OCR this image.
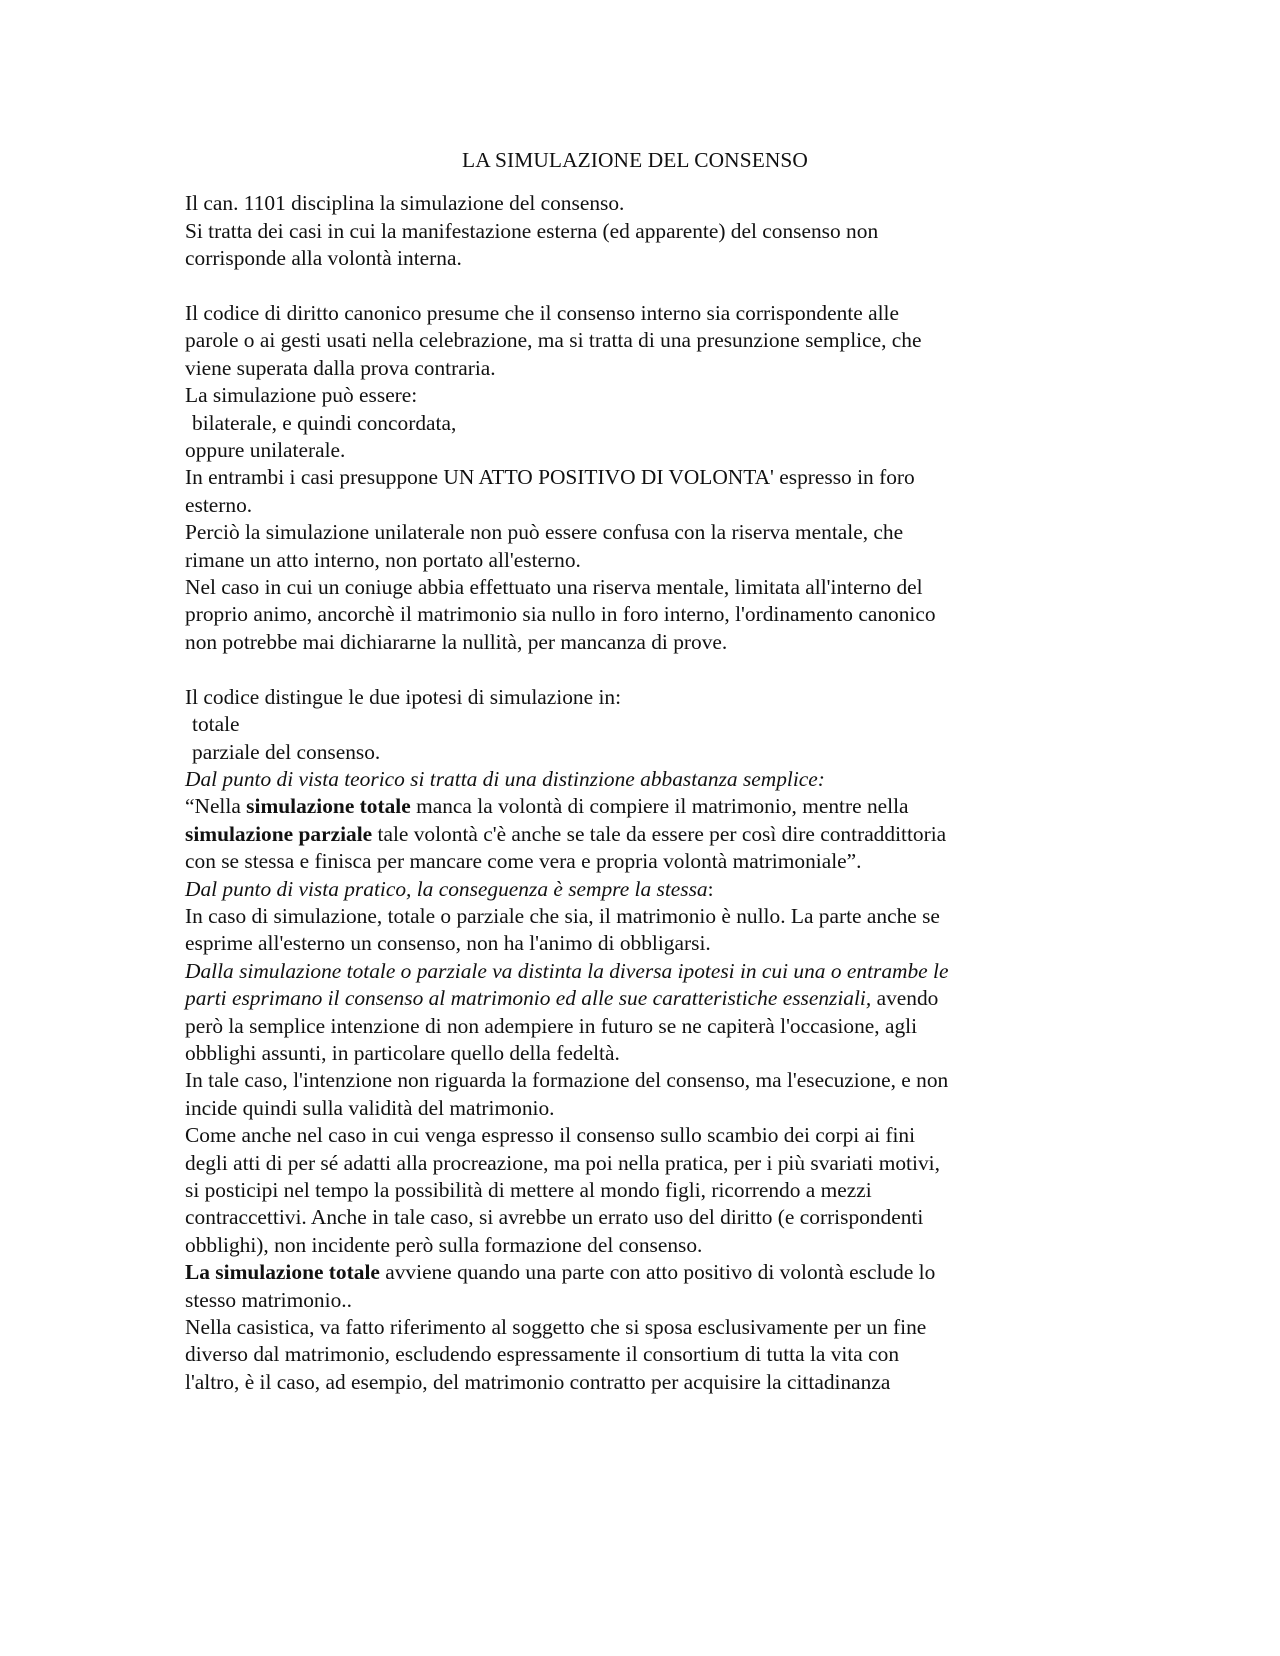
LA SIMULAZIONE DEL CONSENSO
Il can. 1101 disciplina la simulazione del consenso.
Si tratta dei casi in cui la manifestazione esterna (ed apparente) del consenso non
corrisponde alla volontà interna.
Il codice di diritto canonico presume che il consenso interno sia corrispondente alle
parole o ai gesti usati nella celebrazione, ma si tratta di una presunzione semplice, che
viene superata dalla prova contraria.
La simulazione può essere:
bilaterale, e quindi concordata,
oppure unilaterale.
In entrambi i casi presuppone UN ATTO POSITIVO DI VOLONTA' espresso in foro
esterno.
Perciò la simulazione unilaterale non può essere confusa con la riserva mentale, che
rimane un atto interno, non portato all'esterno.
Nel caso in cui un coniuge abbia effettuato una riserva mentale, limitata all'interno del
proprio animo, ancorchè il matrimonio sia nullo in foro interno, l'ordinamento canonico
non potrebbe mai dichiararne la nullità, per mancanza di prove.
Il codice distingue le due ipotesi di simulazione in:
totale
parziale del consenso.
Dal punto di vista teorico si tratta di una distinzione abbastanza semplice:
“Nella simulazione totale manca la volontà di compiere il matrimonio, mentre nella
simulazione parziale tale volontà c'è anche se tale da essere per così dire contraddittoria
con se stessa e finisca per mancare come vera e propria volontà matrimoniale”.
Dal punto di vista pratico, la conseguenza è sempre la stessa:
In caso di simulazione, totale o parziale che sia, il matrimonio è nullo. La parte anche se
esprime all'esterno un consenso, non ha l'animo di obbligarsi.
Dalla simulazione totale o parziale va distinta la diversa ipotesi in cui una o entrambe le
parti esprimano il consenso al matrimonio ed alle sue caratteristiche essenziali, avendo
però la semplice intenzione di non adempiere in futuro se ne capiterà l'occasione, agli
obblighi assunti, in particolare quello della fedeltà.
In tale caso, l'intenzione non riguarda la formazione del consenso, ma l'esecuzione, e non
incide quindi sulla validità del matrimonio.
Come anche nel caso in cui venga espresso il consenso sullo scambio dei corpi ai fini
degli atti di per sé adatti alla procreazione, ma poi nella pratica, per i più svariati motivi,
si posticipi nel tempo la possibilità di mettere al mondo figli, ricorrendo a mezzi
contraccettivi. Anche in tale caso, si avrebbe un errato uso del diritto (e corrispondenti
obblighi), non incidente però sulla formazione del consenso.
La simulazione totale avviene quando una parte con atto positivo di volontà esclude lo
stesso matrimonio..
Nella casistica, va fatto riferimento al soggetto che si sposa esclusivamente per un fine
diverso dal matrimonio, escludendo espressamente il consortium di tutta la vita con
l'altro, è il caso, ad esempio, del matrimonio contratto per acquisire la cittadinanza
